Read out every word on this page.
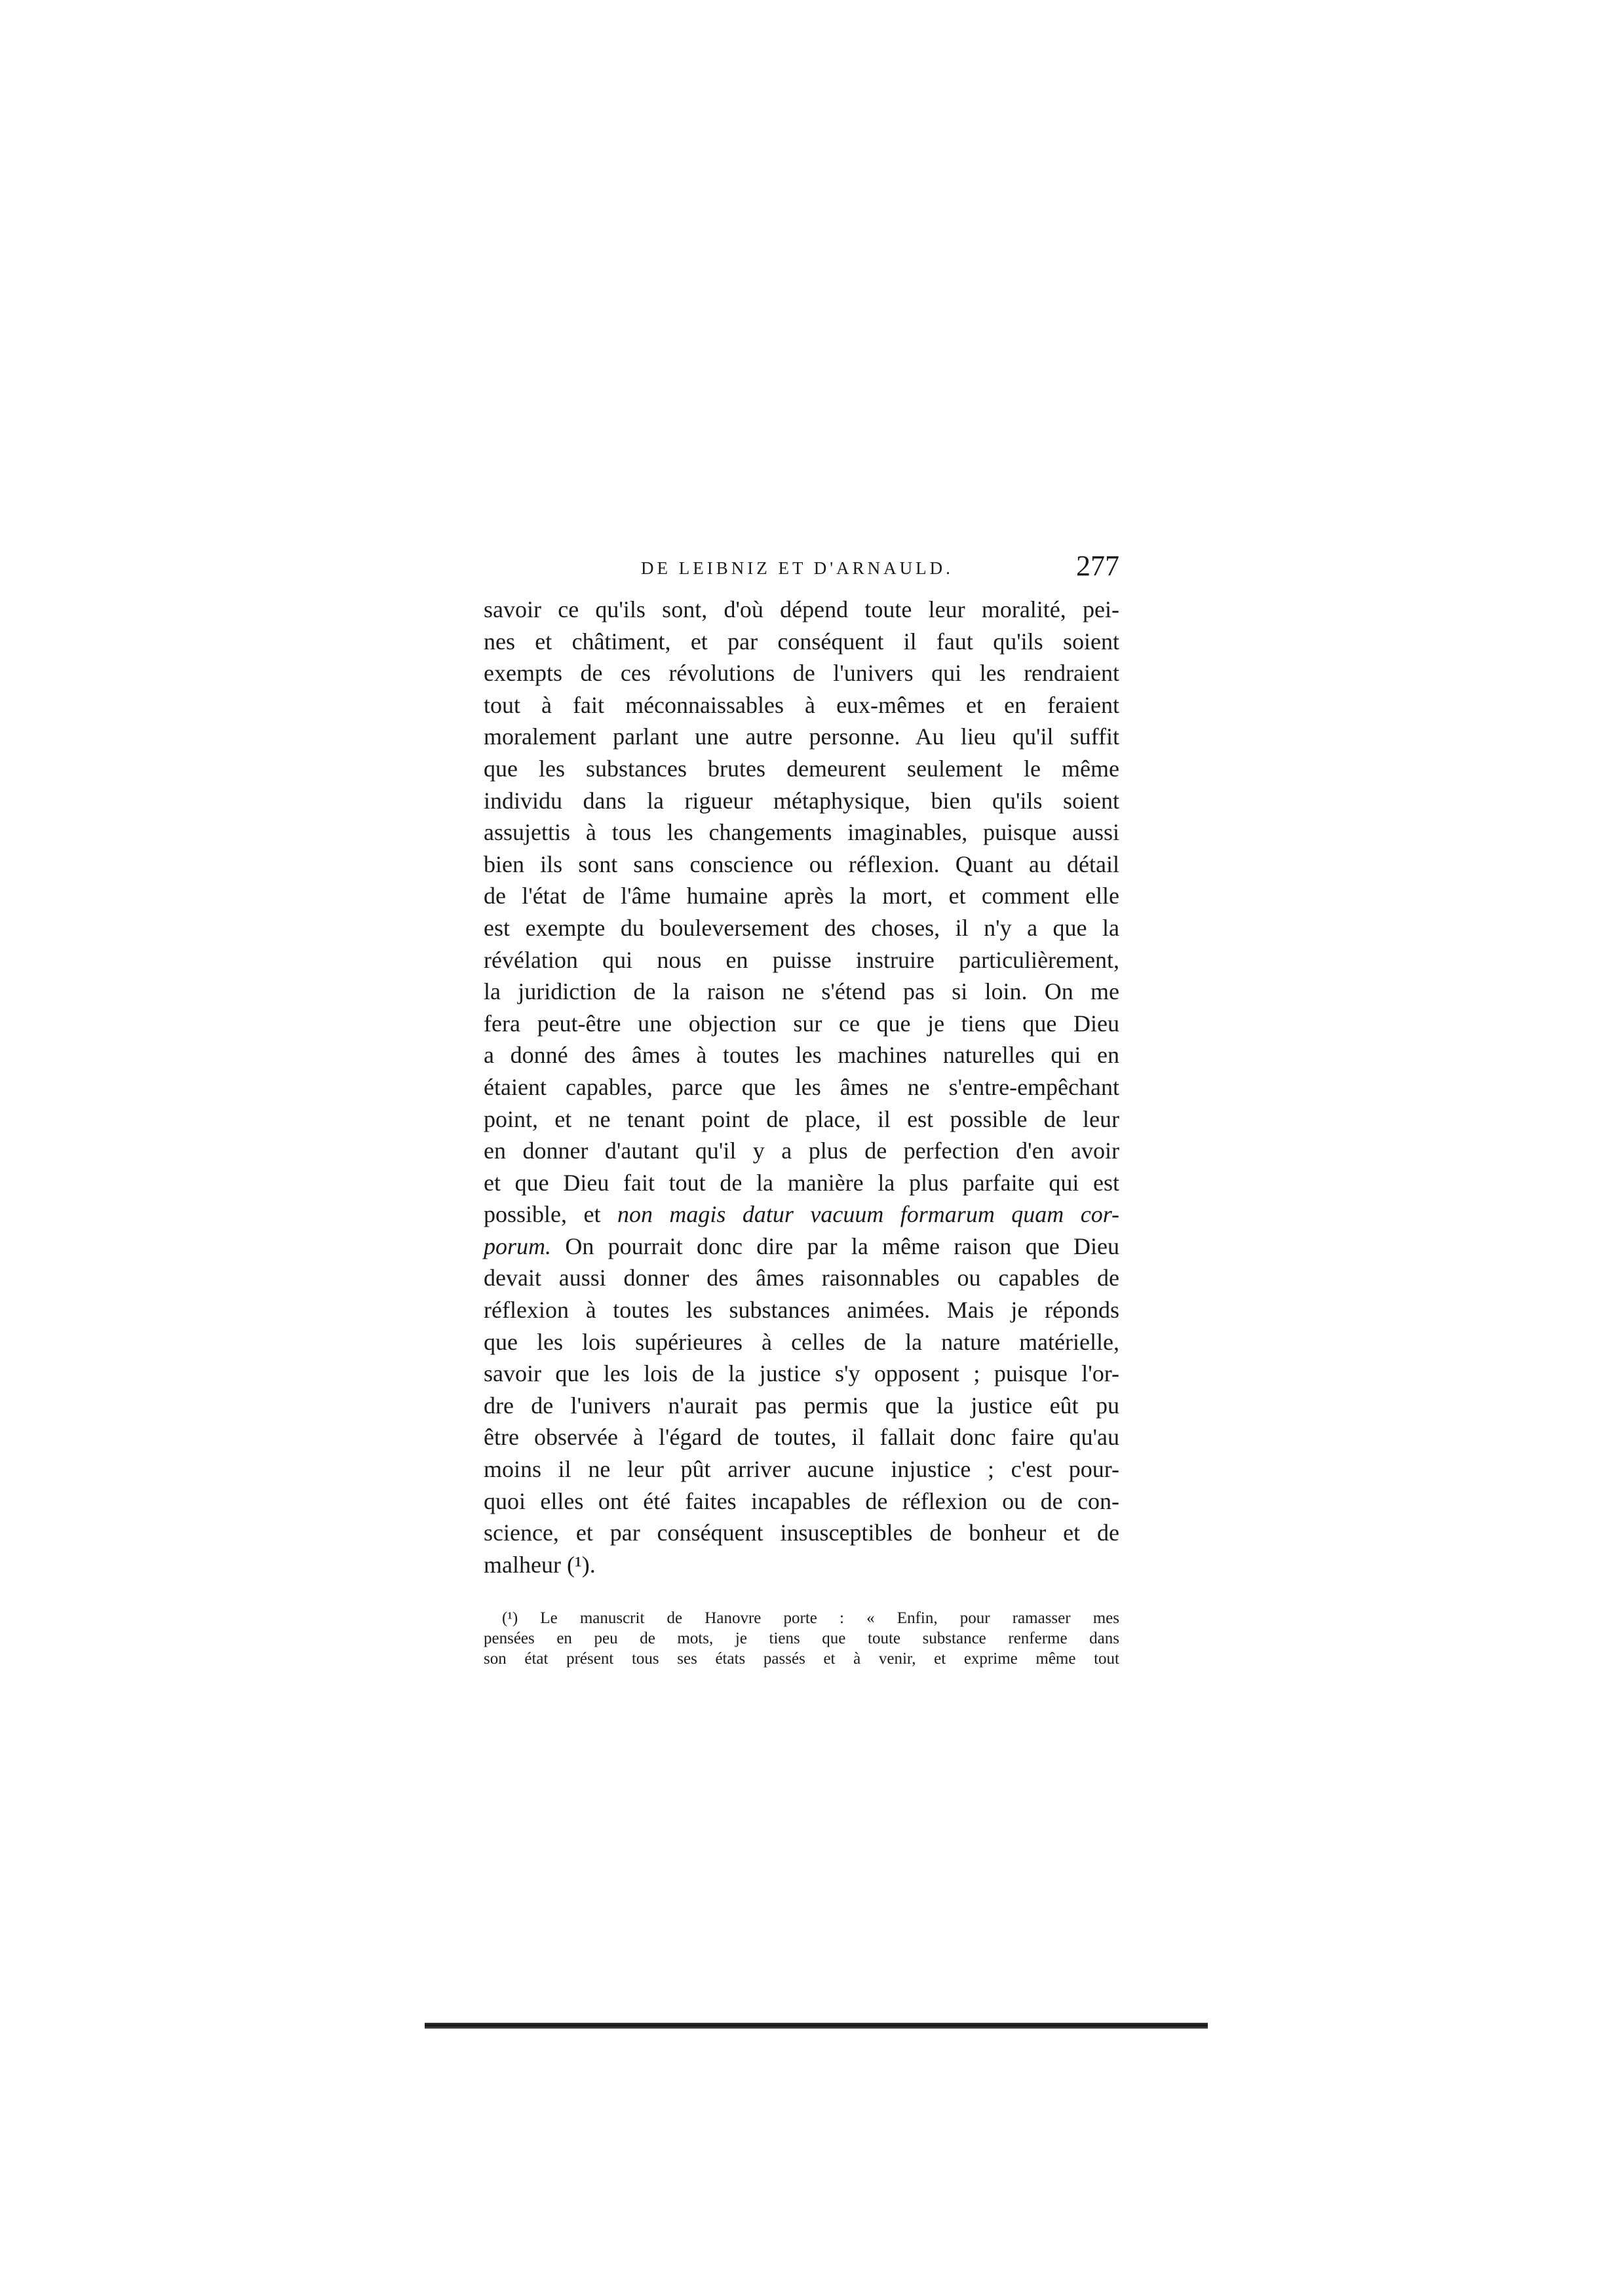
DE LEIBNIZ ET D'ARNAULD.	277
savoir ce qu'ils sont, d'où dépend toute leur moralité, pei-
nes et châtiment, et par conséquent il faut qu'ils soient
exempts de ces révolutions de l'univers qui les rendraient
tout à fait méconnaissables à eux-mêmes et en feraient
moralement parlant une autre personne. Au lieu qu'il suffit
que les substances brutes demeurent seulement le même
individu dans la rigueur métaphysique, bien qu'ils soient
assujettis à tous les changements imaginables, puisque aussi
bien ils sont sans conscience ou réflexion. Quant au détail
de l'état de l'âme humaine après la mort, et comment elle
est exempte du bouleversement des choses, il n'y a que la
révélation qui nous en puisse instruire particulièrement,
la juridiction de la raison ne s'étend pas si loin. On me
fera peut-être une objection sur ce que je tiens que Dieu
a donné des âmes à toutes les machines naturelles qui en
étaient capables, parce que les âmes ne s'entre-empêchant
point, et ne tenant point de place, il est possible de leur
en donner d'autant qu'il y a plus de perfection d'en avoir
et que Dieu fait tout de la manière la plus parfaite qui est
possible, et non magis datur vacuum formarum quam cor-
porum. On pourrait donc dire par la même raison que Dieu
devait aussi donner des âmes raisonnables ou capables de
réflexion à toutes les substances animées. Mais je réponds
que les lois supérieures à celles de la nature matérielle,
savoir que les lois de la justice s'y opposent ; puisque l'or-
dre de l'univers n'aurait pas permis que la justice eût pu
être observée à l'égard de toutes, il fallait donc faire qu'au
moins il ne leur pût arriver aucune injustice ; c'est pour-
quoi elles ont été faites incapables de réflexion ou de con-
science, et par conséquent insusceptibles de bonheur et de
malheur (¹).
(¹) Le manuscrit de Hanovre porte : « Enfin, pour ramasser mes
pensées en peu de mots, je tiens que toute substance renferme dans
son état présent tous ses états passés et à venir, et exprime même tout
